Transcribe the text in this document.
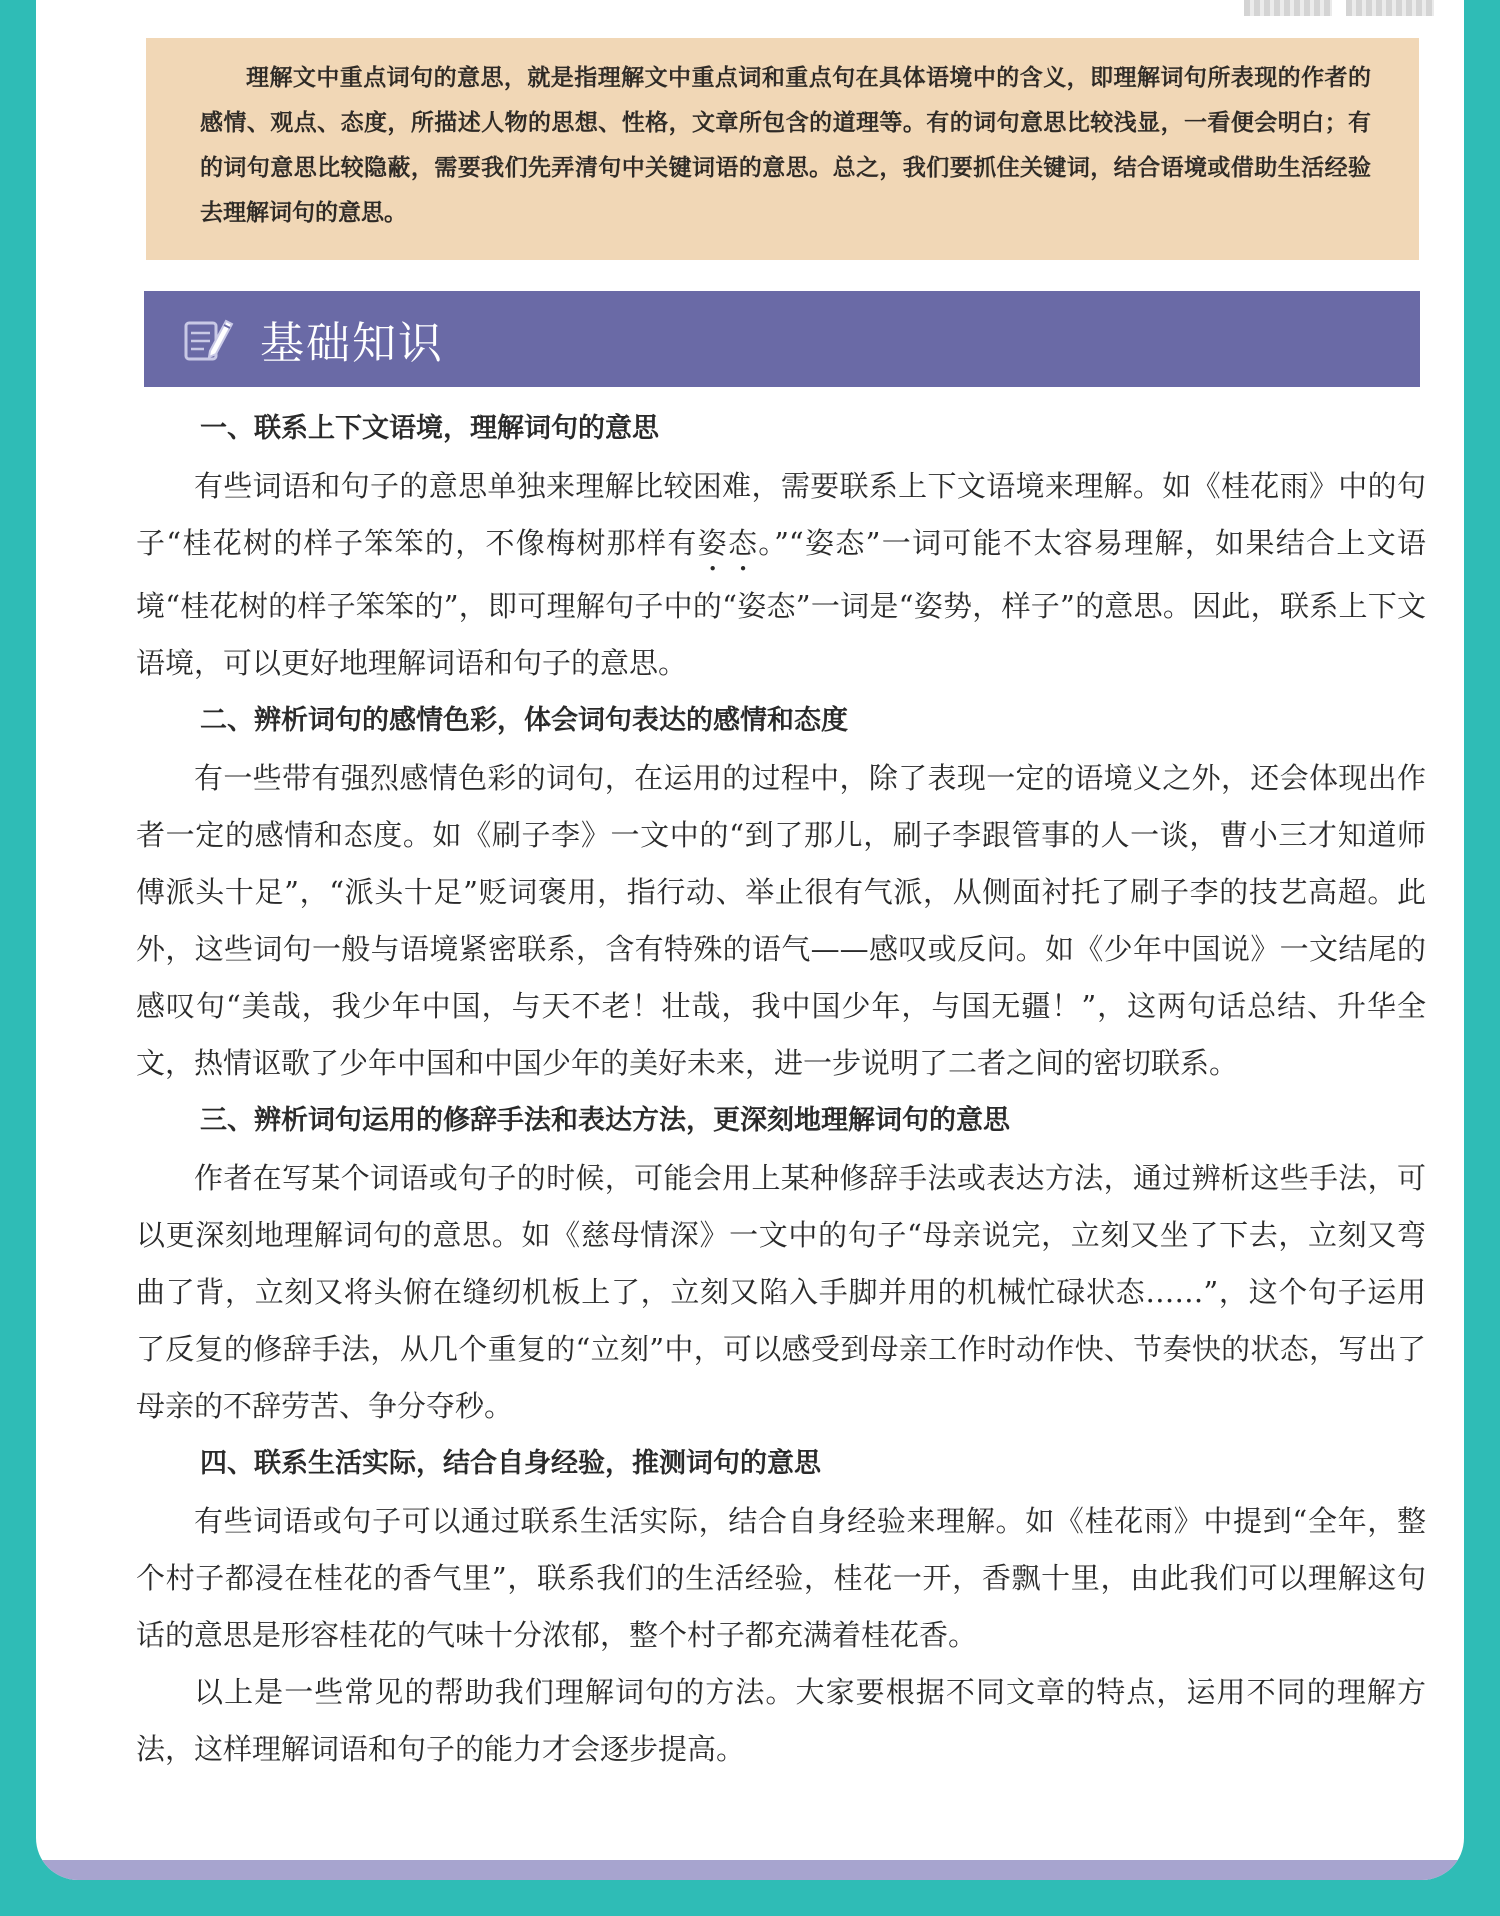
理解文中重点词句的意思，就是指理解文中重点词和重点句在具体语境中的含义，即理解词句所表现的作者的感情、观点、态度，所描述人物的思想、性格，文章所包含的道理等。有的词句意思比较浅显，一看便会明白；有的词句意思比较隐蔽，需要我们先弄清句中关键词语的意思。总之，我们要抓住关键词，结合语境或借助生活经验去理解词句的意思。

基础知识
一、联系上下文语境，理解词句的意思

有些词语和句子的意思单独来理解比较困难，需要联系上下文语境来理解。如《桂花雨》中的句子“桂花树的样子笨笨的，不像梅树那样有姿态。”“姿态”一词可能不太容易理解，如果结合上文语境“桂花树的样子笨笨的”，即可理解句子中的“姿态”一词是“姿势，样子”的意思。因此，联系上下文语境，可以更好地理解词语和句子的意思。

二、辨析词句的感情色彩，体会词句表达的感情和态度

有一些带有强烈感情色彩的词句，在运用的过程中，除了表现一定的语境义之外，还会体现出作者一定的感情和态度。如《刷子李》一文中的“到了那儿，刷子李跟管事的人一谈，曹小三才知道师傅派头十足”，“派头十足”贬词褒用，指行动、举止很有气派，从侧面衬托了刷子李的技艺高超。此外，这些词句一般与语境紧密联系，含有特殊的语气——感叹或反问。如《少年中国说》一文结尾的感叹句“美哉，我少年中国，与天不老！壮哉，我中国少年，与国无疆！”，这两句话总结、升华全文，热情讴歌了少年中国和中国少年的美好未来，进一步说明了二者之间的密切联系。

三、辨析词句运用的修辞手法和表达方法，更深刻地理解词句的意思

作者在写某个词语或句子的时候，可能会用上某种修辞手法或表达方法，通过辨析这些手法，可以更深刻地理解词句的意思。如《慈母情深》一文中的句子“母亲说完，立刻又坐了下去，立刻又弯曲了背，立刻又将头俯在缝纫机板上了，立刻又陷入手脚并用的机械忙碌状态……”，这个句子运用了反复的修辞手法，从几个重复的“立刻”中，可以感受到母亲工作时动作快、节奏快的状态，写出了母亲的不辞劳苦、争分夺秒。

四、联系生活实际，结合自身经验，推测词句的意思

有些词语或句子可以通过联系生活实际，结合自身经验来理解。如《桂花雨》中提到“全年，整个村子都浸在桂花的香气里”，联系我们的生活经验，桂花一开，香飘十里，由此我们可以理解这句话的意思是形容桂花的气味十分浓郁，整个村子都充满着桂花香。

以上是一些常见的帮助我们理解词句的方法。大家要根据不同文章的特点，运用不同的理解方法，这样理解词语和句子的能力才会逐步提高。
